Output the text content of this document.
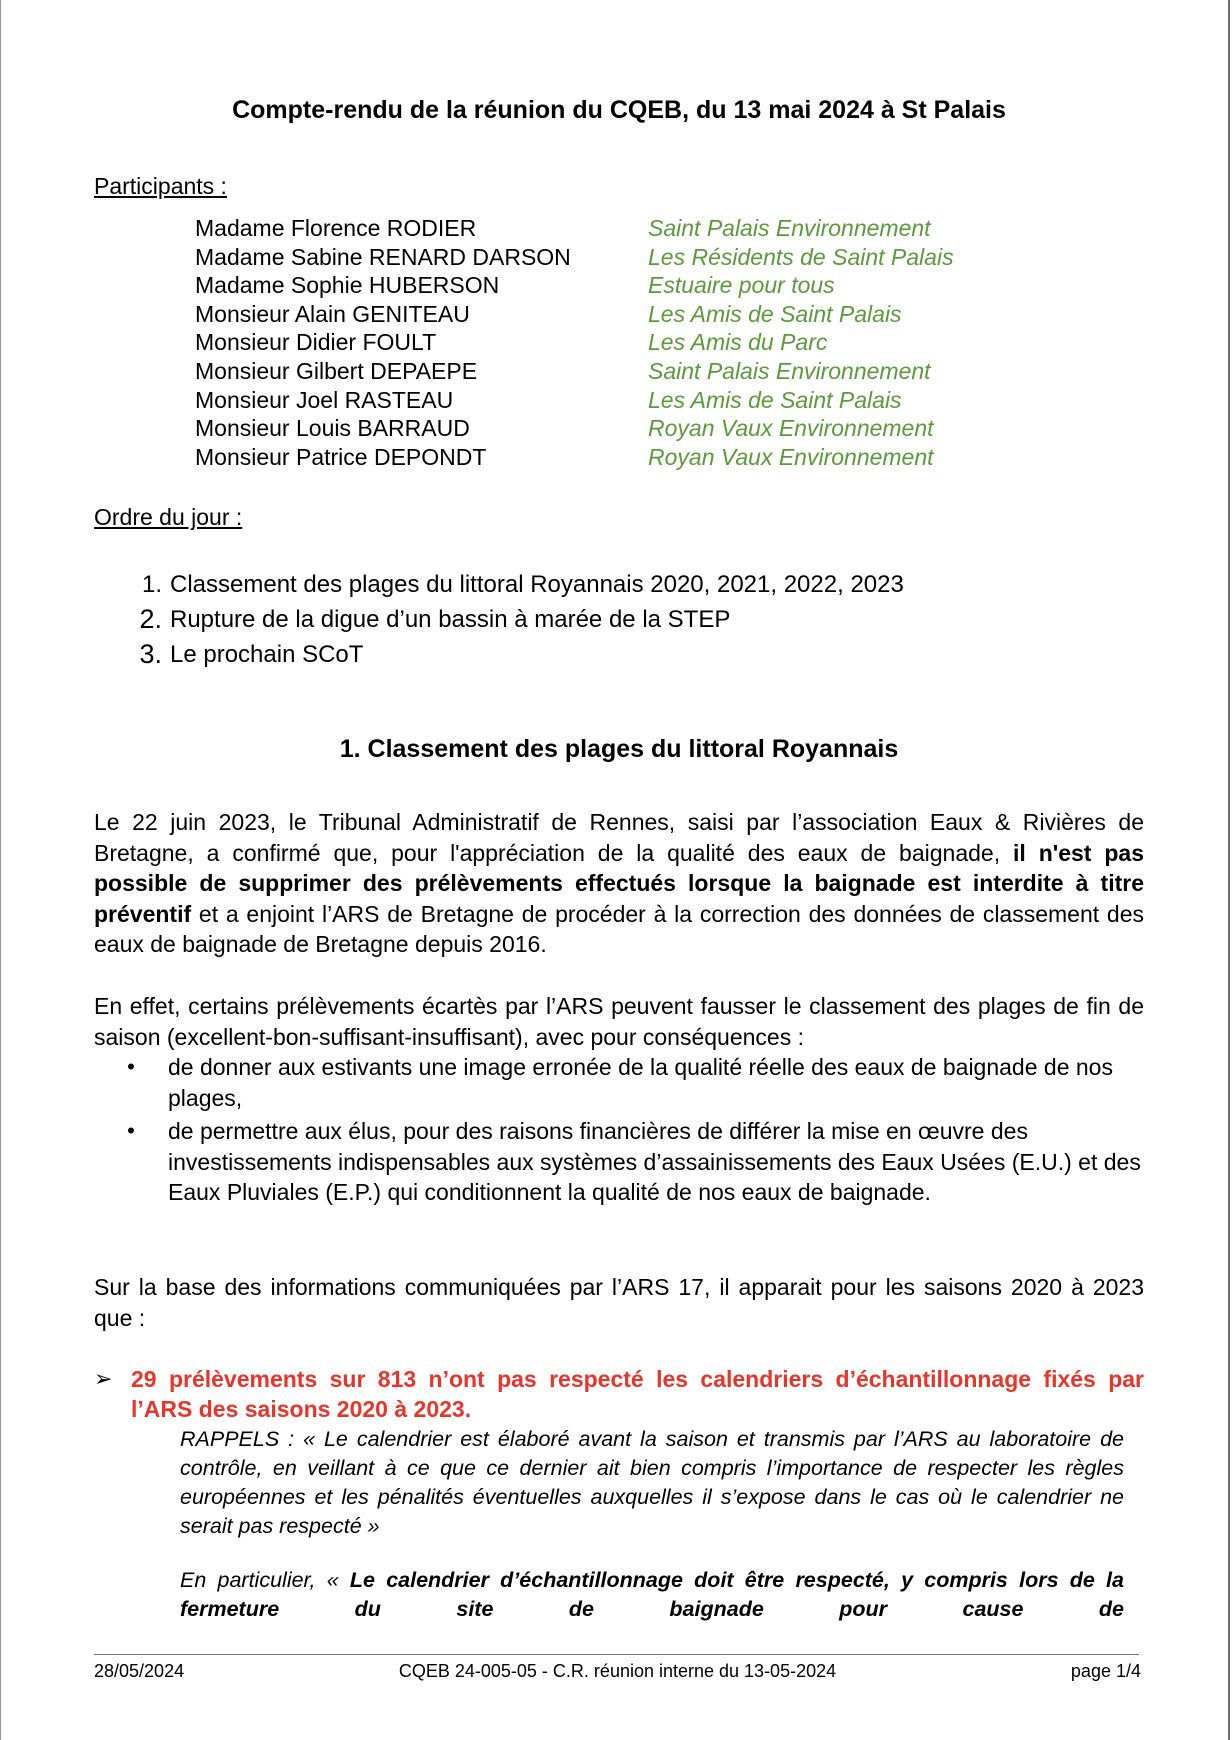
Compte-rendu de la réunion du CQEB, du 13 mai 2024 à St Palais
Participants :
Madame Florence RODIER	Saint Palais Environnement
Madame Sabine RENARD DARSON	Les Résidents de Saint Palais
Madame Sophie HUBERSON	Estuaire pour tous
Monsieur Alain GENITEAU	Les Amis de Saint Palais
Monsieur Didier FOULT	Les Amis du Parc
Monsieur Gilbert DEPAEPE	Saint Palais Environnement
Monsieur Joel RASTEAU	Les Amis de Saint Palais
Monsieur Louis BARRAUD	Royan Vaux Environnement
Monsieur Patrice DEPONDT	Royan Vaux Environnement
Ordre du jour :
1. Classement des plages du littoral Royannais 2020, 2021, 2022, 2023
2. Rupture de la digue d’un bassin à marée de la STEP
3. Le prochain SCoT
1. Classement des plages du littoral Royannais
Le 22 juin 2023, le Tribunal Administratif de Rennes, saisi par l’association Eaux & Rivières de Bretagne, a confirmé que, pour l'appréciation de la qualité des eaux de baignade, il n'est pas possible de supprimer des prélèvements effectués lorsque la baignade est interdite à titre préventif et a enjoint l’ARS de Bretagne de procéder à la correction des données de classement des eaux de baignade de Bretagne depuis 2016.
En effet, certains prélèvements écartès par l’ARS peuvent fausser le classement des plages de fin de saison (excellent-bon-suffisant-insuffisant), avec pour conséquences :
•	de donner aux estivants une image erronée de la qualité réelle des eaux de baignade de nos plages,
•	de permettre aux élus, pour des raisons financières de différer la mise en œuvre des investissements indispensables aux systèmes d’assainissements des Eaux Usées (E.U.) et des Eaux Pluviales (E.P.) qui conditionnent la qualité de nos eaux de baignade.
Sur la base des informations communiquées par l’ARS 17, il apparait pour les saisons 2020 à 2023 que :
➢ 29 prélèvements sur 813 n’ont pas respecté les calendriers d’échantillonnage fixés par l’ARS des saisons 2020 à 2023.
RAPPELS : « Le calendrier est élaboré avant la saison et transmis par l’ARS au laboratoire de contrôle, en veillant à ce que ce dernier ait bien compris l’importance de respecter les règles européennes et les pénalités éventuelles auxquelles il s’expose dans le cas où le calendrier ne serait pas respecté »
En particulier, « Le calendrier d’échantillonnage doit être respecté, y compris lors de la fermeture du site de baignade pour cause de
28/05/2024	CQEB 24-005-05 - C.R. réunion interne du 13-05-2024	page 1/4
